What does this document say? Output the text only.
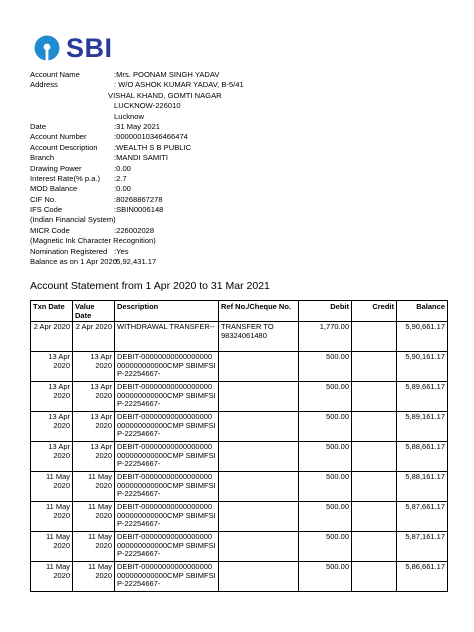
SBI
Account Name	:Mrs. POONAM SINGH YADAV
Address	: W/O ASHOK KUMAR YADAV, B-5/41
VISHAL KHAND, GOMTI NAGAR
LUCKNOW-226010
Lucknow
Date	:31 May 2021
Account Number	:00000010346466474
Account Description	:WEALTH S B PUBLIC
Branch	:MANDI SAMITI
Drawing Power	:0.00
Interest Rate(% p.a.)	:2.7
MOD Balance	:0.00
CIF No.	:80268867278
IFS Code	:SBIN0006148
(Indian Financial System)
MICR Code	:226002028
(Magnetic Ink Character Recognition)
Nomination Registered :Yes
Balance as on 1 Apr 2020
:5,92,431.17
Account Statement from 1 Apr 2020 to 31 Mar 2021
Txn Date	Value Date	Description	Ref No./Cheque No.	Debit	Credit	Balance
2 Apr 2020	2 Apr 2020	WITHDRAWAL TRANSFER--	TRANSFER TO 98324061480	1,770.00		5,90,661.17
13 Apr 2020	13 Apr 2020	DEBIT-00000000000000000000000000000CMP SBIMFSIP-22254667-		500.00		5,90,161.17
13 Apr 2020	13 Apr 2020	DEBIT-00000000000000000000000000000CMP SBIMFSIP-22254667-		500.00		5,89,661.17
13 Apr 2020	13 Apr 2020	DEBIT-00000000000000000000000000000CMP SBIMFSIP-22254667-		500.00		5,89,161.17
13 Apr 2020	13 Apr 2020	DEBIT-00000000000000000000000000000CMP SBIMFSIP-22254667-		500.00		5,88,661.17
11 May 2020	11 May 2020	DEBIT-00000000000000000000000000000CMP SBIMFSIP-22254667-		500.00		5,88,161.17
11 May 2020	11 May 2020	DEBIT-00000000000000000000000000000CMP SBIMFSIP-22254667-		500.00		5,87,661.17
11 May 2020	11 May 2020	DEBIT-00000000000000000000000000000CMP SBIMFSIP-22254667-		500.00		5,87,161.17
11 May 2020	11 May 2020	DEBIT-00000000000000000000000000000CMP SBIMFSIP-22254667-		500.00		5,86,661.17
